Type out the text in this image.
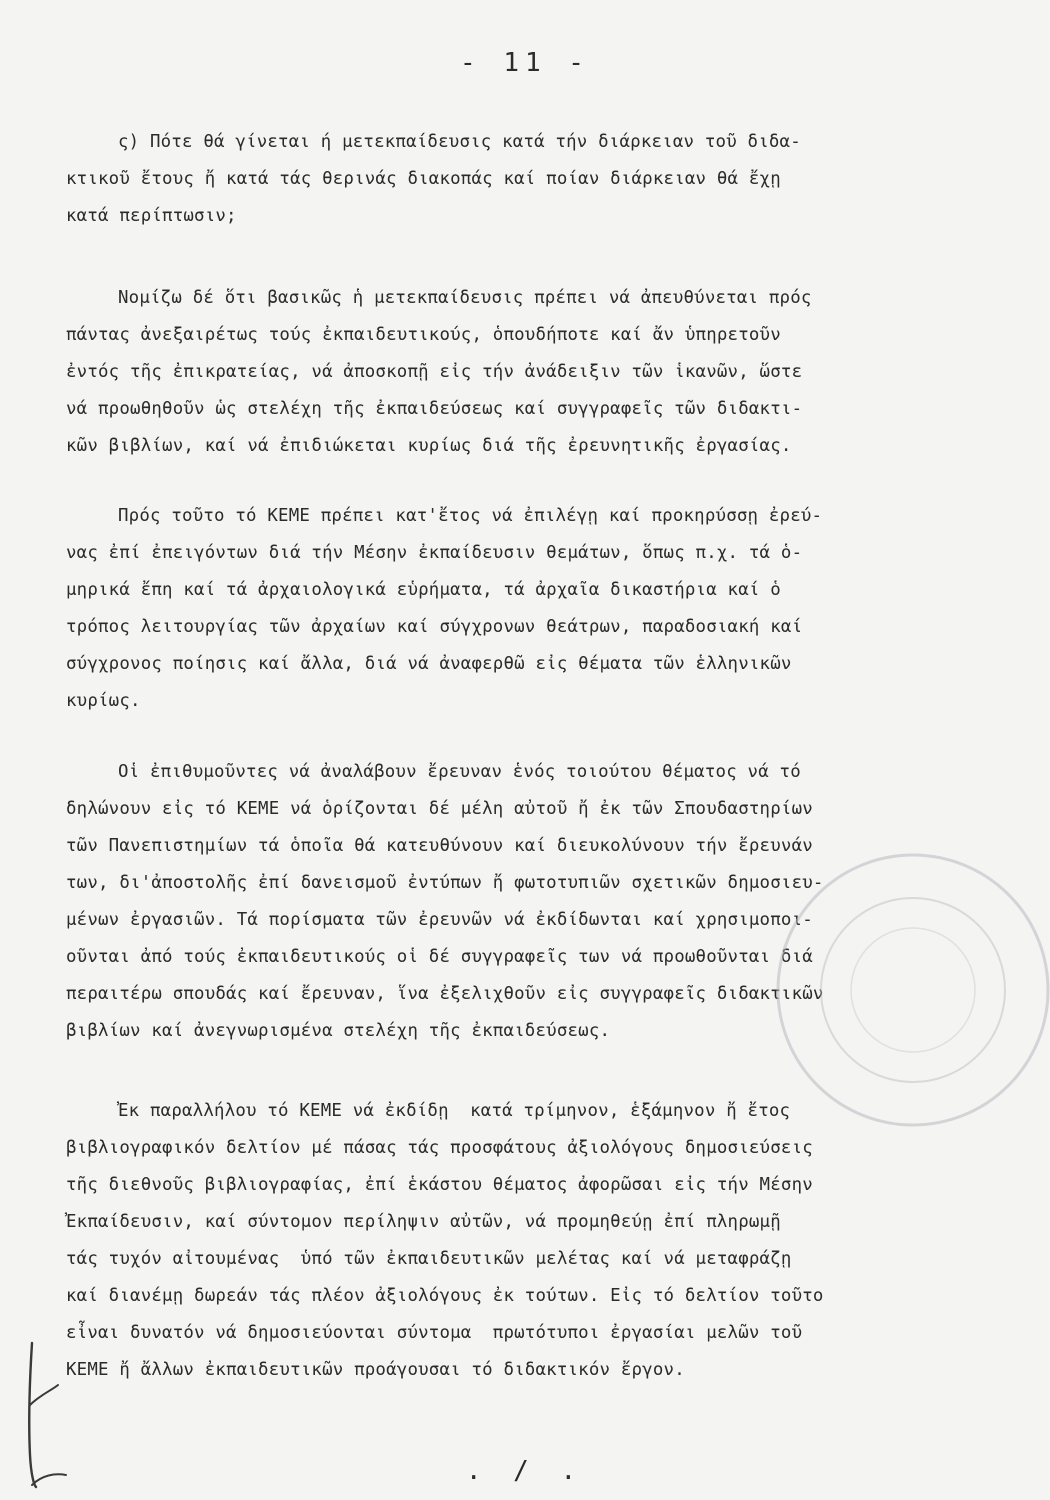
- 11 -
ς) Πότε θά γίνεται ή μετεκπαίδευσις κατά τήν διάρκειαν τοῦ διδα-
κτικοῦ ἔτους ἤ κατά τάς θερινάς διακοπάς καί ποίαν διάρκειαν θά ἔχῃ
κατά περίπτωσιν;
Νομίζω δέ ὅτι βασικῶς ἡ μετεκπαίδευσις πρέπει νά ἀπευθύνεται πρός
πάντας ἀνεξαιρέτως τούς ἐκπαιδευτικούς, ὁπουδήποτε καί ἄν ὑπηρετοῦν
ἐντός τῆς ἐπικρατείας, νά ἀποσκοπῇ εἰς τήν ἀνάδειξιν τῶν ἱκανῶν, ὥστε
νά προωθηθοῦν ὡς στελέχη τῆς ἐκπαιδεύσεως καί συγγραφεῖς τῶν διδακτι-
κῶν βιβλίων, καί νά ἐπιδιώκεται κυρίως διά τῆς ἐρευνητικῆς ἐργασίας.
Πρός τοῦτο τό ΚΕΜΕ πρέπει κατ'ἔτος νά ἐπιλέγῃ καί προκηρύσσῃ ἐρεύ-
νας ἐπί ἐπειγόντων διά τήν Μέσην ἐκπαίδευσιν θεμάτων, ὅπως π.χ. τά ὁ-
μηρικά ἔπη καί τά ἀρχαιολογικά εὑρήματα, τά ἀρχαῖα δικαστήρια καί ὁ
τρόπος λειτουργίας τῶν ἀρχαίων καί σύγχρονων θεάτρων, παραδοσιακή καί
σύγχρονος ποίησις καί ἄλλα, διά νά ἀναφερθῶ εἰς θέματα τῶν ἑλληνικῶν
κυρίως.
Οἱ ἐπιθυμοῦντες νά ἀναλάβουν ἔρευναν ἑνός τοιούτου θέματος νά τό
δηλώνουν εἰς τό ΚΕΜΕ νά ὁρίζονται δέ μέλη αὐτοῦ ἤ ἐκ τῶν Σπουδαστηρίων
τῶν Πανεπιστημίων τά ὁποῖα θά κατευθύνουν καί διευκολύνουν τήν ἔρευνάν
των, δι'ἀποστολῆς ἐπί δανεισμοῦ ἐντύπων ἤ φωτοτυπιῶν σχετικῶν δημοσιευ-
μένων ἐργασιῶν. Τά πορίσματα τῶν ἐρευνῶν νά ἐκδίδωνται καί χρησιμοποι-
οῦνται ἀπό τούς ἐκπαιδευτικούς οἱ δέ συγγραφεῖς των νά προωθοῦνται διά
περαιτέρω σπουδάς καί ἔρευναν, ἵνα ἐξελιχθοῦν εἰς συγγραφεῖς διδακτικῶν
βιβλίων καί ἀνεγνωρισμένα στελέχη τῆς ἐκπαιδεύσεως.
Ἐκ παραλλήλου τό ΚΕΜΕ νά ἐκδίδῃ  κατά τρίμηνον, ἑξάμηνον ἤ ἔτος
βιβλιογραφικόν δελτίον μέ πάσας τάς προσφάτους ἀξιολόγους δημοσιεύσεις
τῆς διεθνοῦς βιβλιογραφίας, ἐπί ἑκάστου θέματος ἀφορῶσαι εἰς τήν Μέσην
Ἐκπαίδευσιν, καί σύντομον περίληψιν αὐτῶν, νά προμηθεύῃ ἐπί πληρωμῇ
τάς τυχόν αἰτουμένας  ὑπό τῶν ἐκπαιδευτικῶν μελέτας καί νά μεταφράζῃ
καί διανέμῃ δωρεάν τάς πλέον ἀξιολόγους ἐκ τούτων. Εἰς τό δελτίον τοῦτο
εἶναι δυνατόν νά δημοσιεύονται σύντομα  πρωτότυποι ἐργασίαι μελῶν τοῦ
ΚΕΜΕ ἤ ἄλλων ἐκπαιδευτικῶν προάγουσαι τό διδακτικόν ἔργον.
. / .
